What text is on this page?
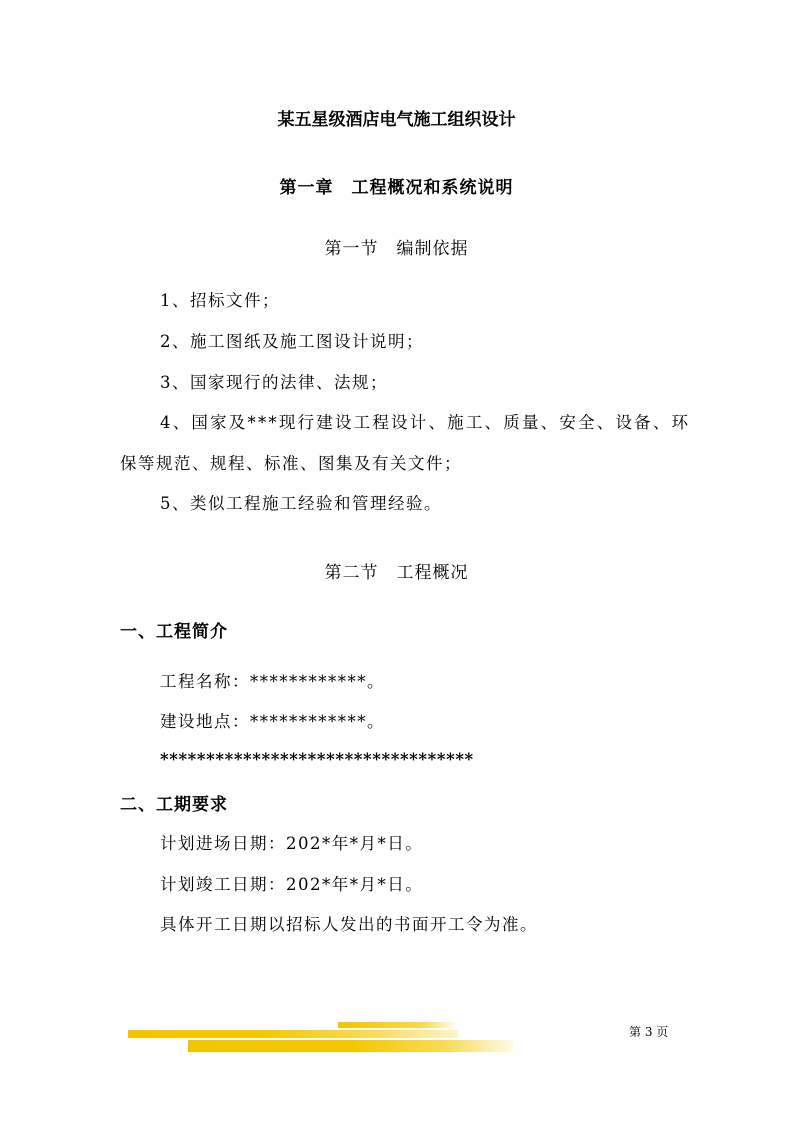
某五星级酒店电气施工组织设计
第一章　工程概况和系统说明
第一节　编制依据
1、招标文件；
2、施工图纸及施工图设计说明；
3、国家现行的法律、法规；
4、国家及***现行建设工程设计、施工、质量、安全、设备、环
保等规范、规程、标准、图集及有关文件；
5、类似工程施工经验和管理经验。
第二节　工程概况
一、工程简介
工程名称：************。
建设地点：************。
**********************************
二、工期要求
计划进场日期：202*年*月*日。
计划竣工日期：202*年*月*日。
具体开工日期以招标人发出的书面开工令为准。
第 3 页
